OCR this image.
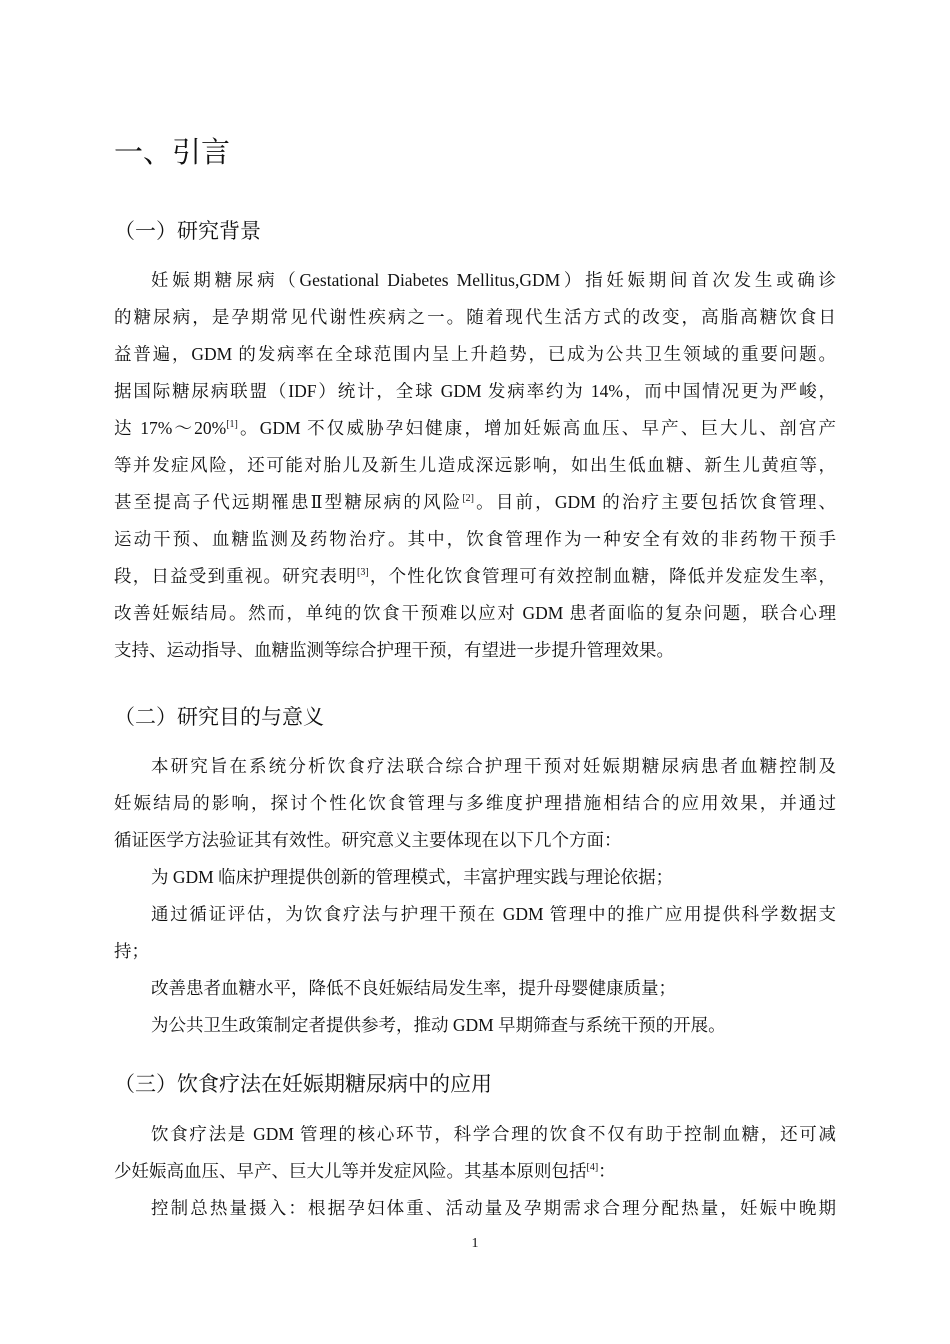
一、引言
（一）研究背景
妊娠期糖尿病（Gestational Diabetes Mellitus,GDM）指妊娠期间首次发生或确诊
的糖尿病，是孕期常见代谢性疾病之一。随着现代生活方式的改变，高脂高糖饮食日
益普遍，GDM 的发病率在全球范围内呈上升趋势，已成为公共卫生领域的重要问题。
据国际糖尿病联盟（IDF）统计，全球 GDM 发病率约为 14%，而中国情况更为严峻，
达 17%～20%[1]。GDM 不仅威胁孕妇健康，增加妊娠高血压、早产、巨大儿、剖宫产
等并发症风险，还可能对胎儿及新生儿造成深远影响，如出生低血糖、新生儿黄疸等，
甚至提高子代远期罹患Ⅱ型糖尿病的风险[2]。目前，GDM 的治疗主要包括饮食管理、
运动干预、血糖监测及药物治疗。其中，饮食管理作为一种安全有效的非药物干预手
段，日益受到重视。研究表明[3]，个性化饮食管理可有效控制血糖，降低并发症发生率，
改善妊娠结局。然而，单纯的饮食干预难以应对 GDM 患者面临的复杂问题，联合心理
支持、运动指导、血糖监测等综合护理干预，有望进一步提升管理效果。
（二）研究目的与意义
本研究旨在系统分析饮食疗法联合综合护理干预对妊娠期糖尿病患者血糖控制及
妊娠结局的影响，探讨个性化饮食管理与多维度护理措施相结合的应用效果，并通过
循证医学方法验证其有效性。研究意义主要体现在以下几个方面：
为 GDM 临床护理提供创新的管理模式，丰富护理实践与理论依据；
通过循证评估，为饮食疗法与护理干预在 GDM 管理中的推广应用提供科学数据支
持；
改善患者血糖水平，降低不良妊娠结局发生率，提升母婴健康质量；
为公共卫生政策制定者提供参考，推动 GDM 早期筛查与系统干预的开展。
（三）饮食疗法在妊娠期糖尿病中的应用
饮食疗法是 GDM 管理的核心环节，科学合理的饮食不仅有助于控制血糖，还可减
少妊娠高血压、早产、巨大儿等并发症风险。其基本原则包括[4]：
控制总热量摄入：根据孕妇体重、活动量及孕期需求合理分配热量，妊娠中晚期
1
